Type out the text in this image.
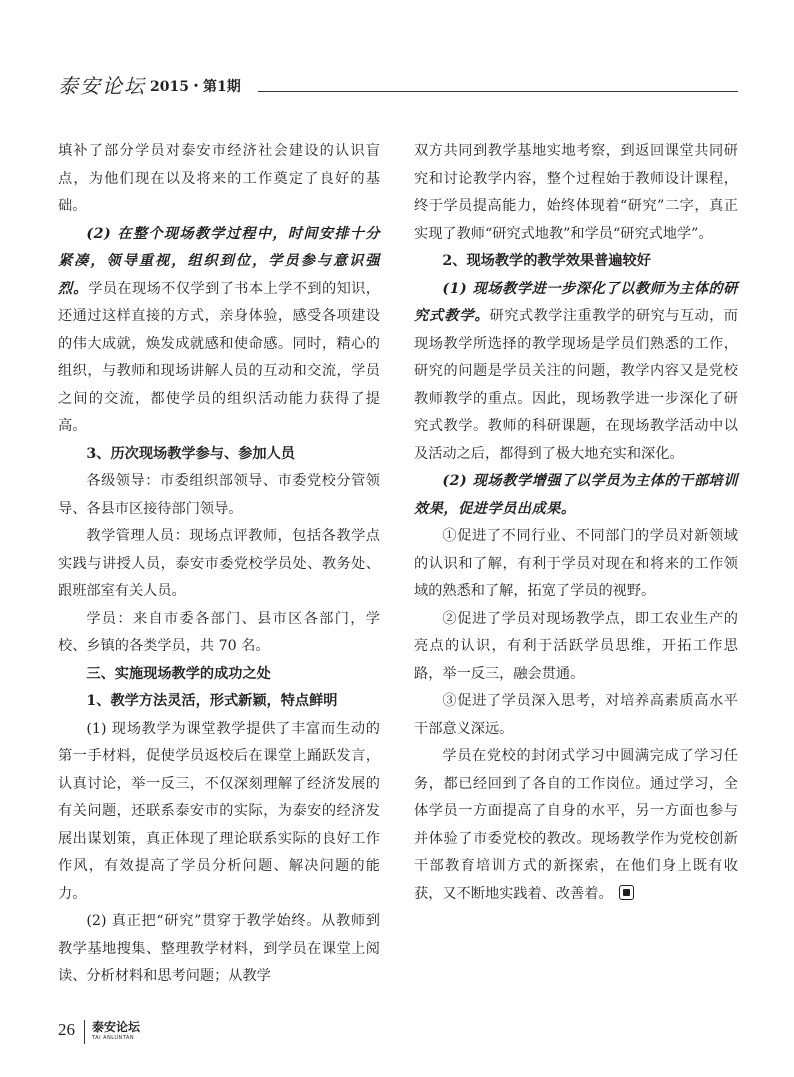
泰安论坛 2015・第1期

填补了部分学员对泰安市经济社会建设的认识盲点，为他们现在以及将来的工作奠定了良好的基础。

(2) 在整个现场教学过程中，时间安排十分紧凑，领导重视，组织到位，学员参与意识强烈。学员在现场不仅学到了书本上学不到的知识，还通过这样直接的方式，亲身体验，感受各项建设的伟大成就，焕发成就感和使命感。同时，精心的组织，与教师和现场讲解人员的互动和交流，学员之间的交流，都使学员的组织活动能力获得了提高。

3、历次现场教学参与、参加人员

各级领导：市委组织部领导、市委党校分管领导、各县市区接待部门领导。

教学管理人员：现场点评教师，包括各教学点实践与讲授人员，泰安市委党校学员处、教务处、跟班部室有关人员。

学员：来自市委各部门、县市区各部门，学校、乡镇的各类学员，共 70 名。

三、实施现场教学的成功之处

1、教学方法灵活，形式新颖，特点鲜明

(1) 现场教学为课堂教学提供了丰富而生动的第一手材料，促使学员返校后在课堂上踊跃发言，认真讨论，举一反三，不仅深刻理解了经济发展的有关问题，还联系泰安市的实际，为泰安的经济发展出谋划策，真正体现了理论联系实际的良好工作作风，有效提高了学员分析问题、解决问题的能力。

(2) 真正把“研究”贯穿于教学始终。从教师到教学基地搜集、整理教学材料，到学员在课堂上阅读、分析材料和思考问题；从教学

双方共同到教学基地实地考察，到返回课堂共同研究和讨论教学内容，整个过程始于教师设计课程，终于学员提高能力，始终体现着“研究”二字，真正实现了教师“研究式地教”和学员“研究式地学”。

2、现场教学的教学效果普遍较好

(1) 现场教学进一步深化了以教师为主体的研究式教学。研究式教学注重教学的研究与互动，而现场教学所选择的教学现场是学员们熟悉的工作，研究的问题是学员关注的问题，教学内容又是党校教师教学的重点。因此，现场教学进一步深化了研究式教学。教师的科研课题，在现场教学活动中以及活动之后，都得到了极大地充实和深化。

(2) 现场教学增强了以学员为主体的干部培训效果，促进学员出成果。

①促进了不同行业、不同部门的学员对新领域的认识和了解，有利于学员对现在和将来的工作领域的熟悉和了解，拓宽了学员的视野。

②促进了学员对现场教学点，即工农业生产的亮点的认识，有利于活跃学员思维，开拓工作思路，举一反三，融会贯通。

③促进了学员深入思考，对培养高素质高水平干部意义深远。

学员在党校的封闭式学习中圆满完成了学习任务，都已经回到了各自的工作岗位。通过学习，全体学员一方面提高了自身的水平，另一方面也参与并体验了市委党校的教改。现场教学作为党校创新干部教育培训方式的新探索，在他们身上既有收获，又不断地实践着、改善着。

26 泰安论坛
TAI ANLUNTAN
